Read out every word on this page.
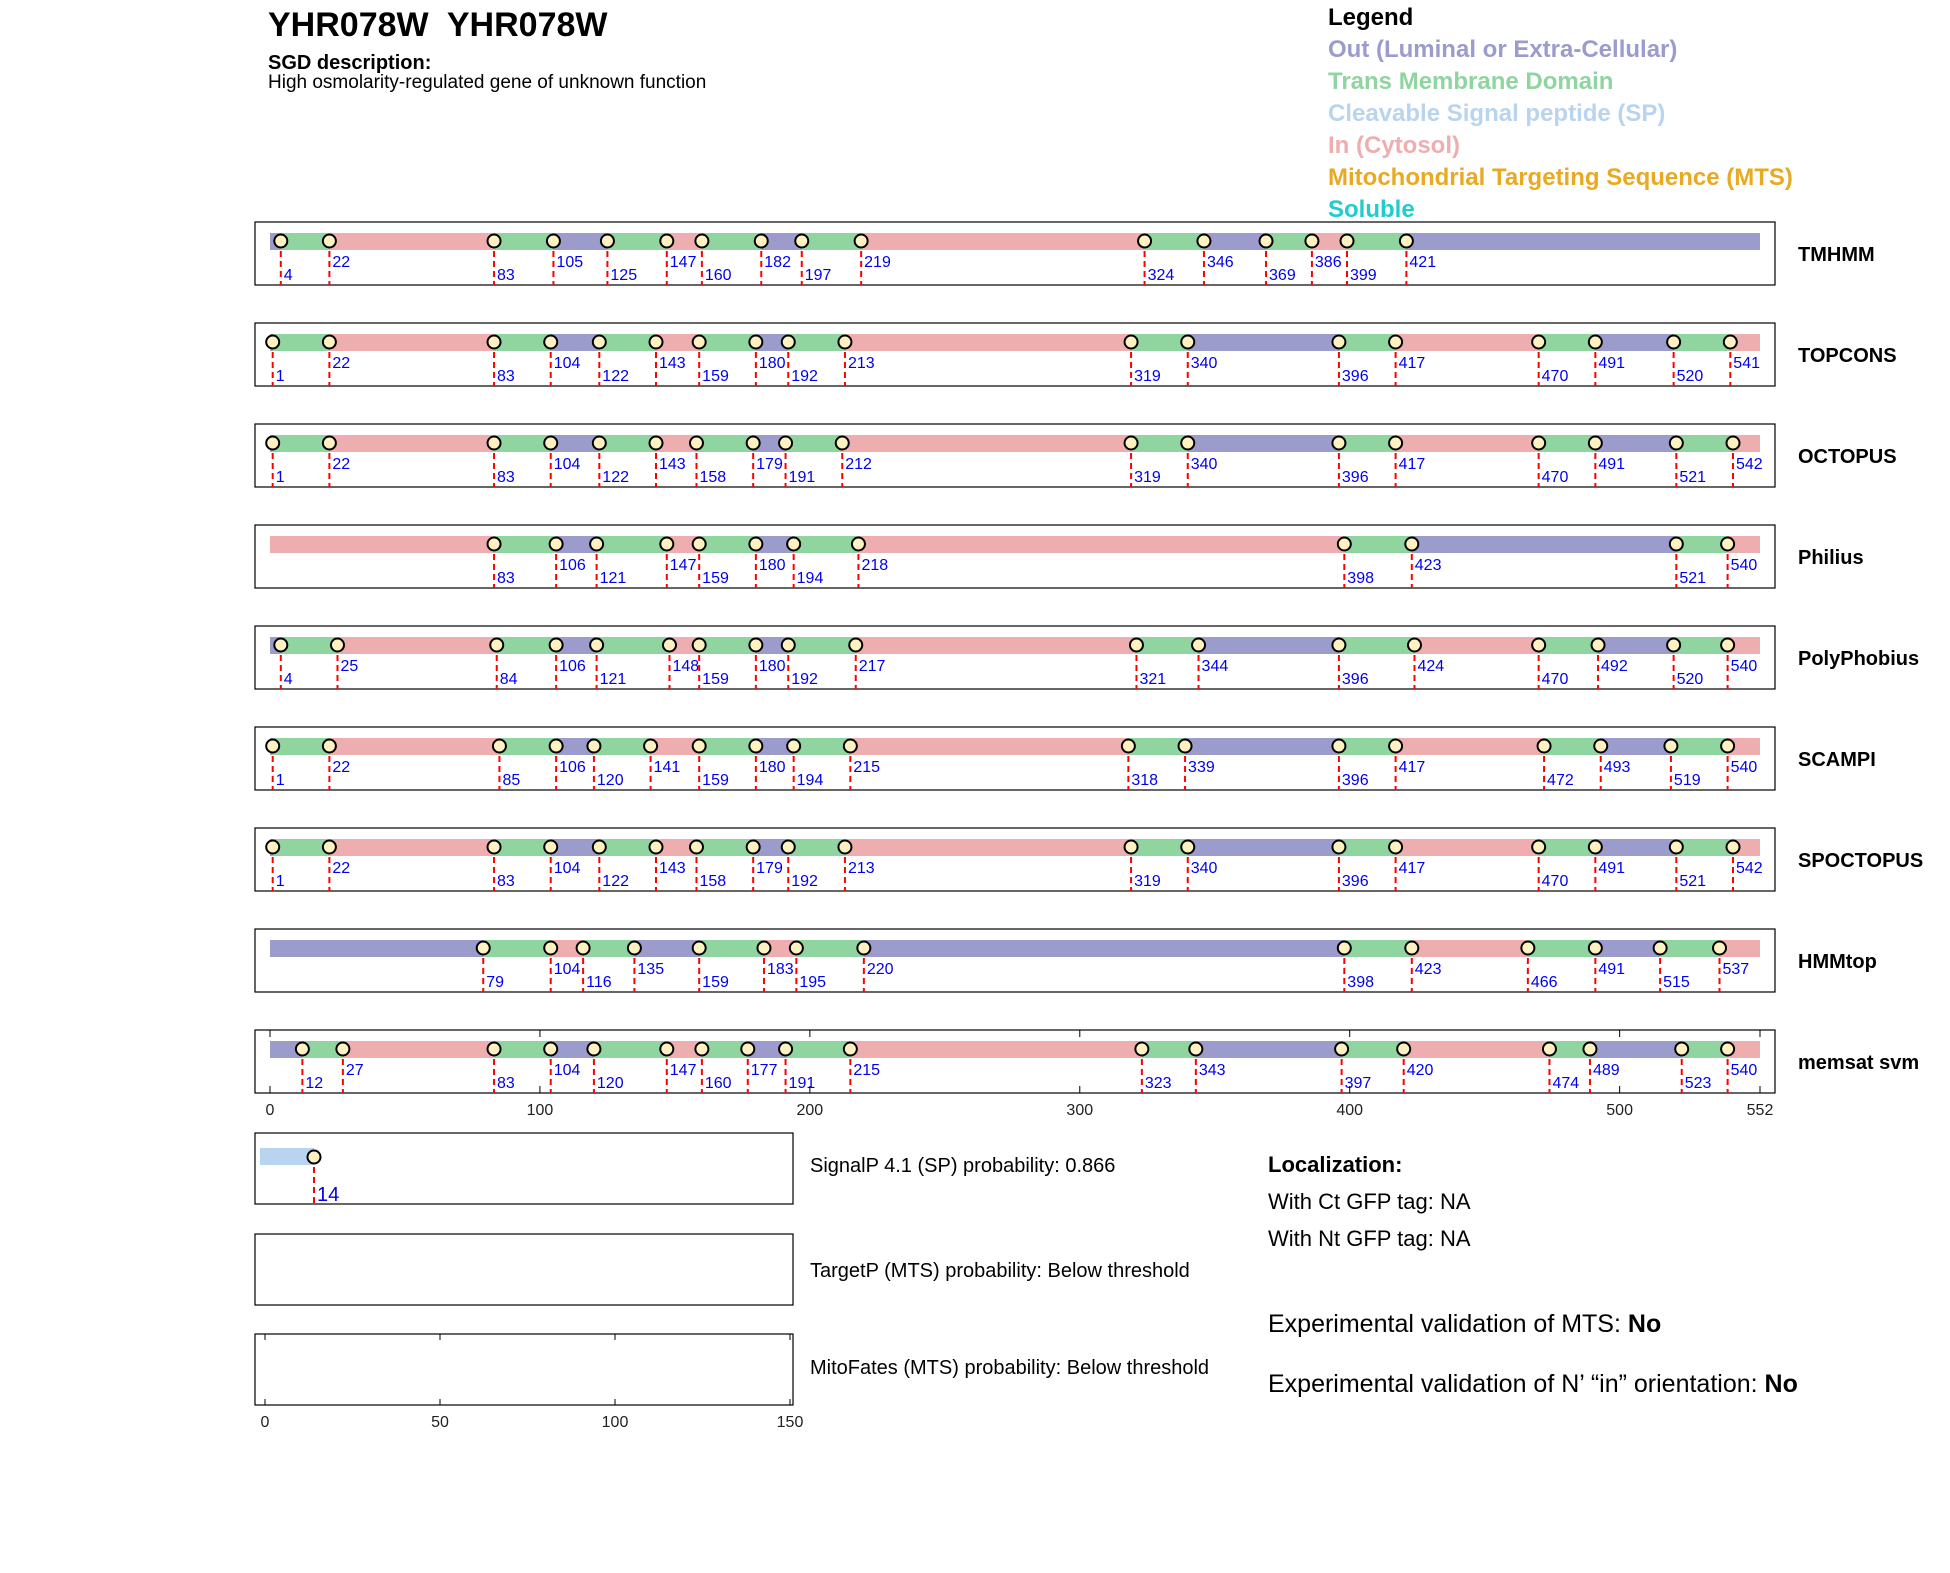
YHR078W  YHR078W
SGD description:
High osmolarity-regulated gene of unknown function
Legend
Out (Luminal or Extra-Cellular)
Trans Membrane Domain
Cleavable Signal peptide (SP)
In (Cytosol)
Mitochondrial Targeting Sequence (MTS)
Soluble
4
22
83
105
125
147
160
182
197
219
324
346
369
386
399
421	TMHMM
1
22
83
104
122
143
159
180
192
213
319
340
396
417
470
491
520
541 TOPCONS
1
22
83
104
122
143
158
179
191
212
319
340
396
417
470
491
521
542 OCTOPUS
83
106
121
147
159
180
194
218
398
423
521
540 Philius
4
25
84
106
121
148
159
180
192
217
321
344
396
424
470
492
520
540 PolyPhobius
1
22
85
106
120
141
159
180
194
215
318
339
396
417
472
493
519
540 SCAMPI
1
22
83
104
122
143
158
179
192
213
319
340
396
417
470
491
521
542 SPOCTOPUS
79
104
116
135
159
183
195
220
398
423
466
491
515
537 HMMtop
12
27
83
104
120
147
160
177
191
215
323
343
397
420
474
489
523
540 memsat svm
0	100	200	300	400	500	552
14
0	50	100	150
SignalP 4.1 (SP) probability: 0.866
TargetP (MTS) probability: Below threshold
MitoFates (MTS) probability: Below threshold
Localization:
With Ct GFP tag: NA
With Nt GFP tag: NA
Experimental validation of MTS: No
Experimental validation of N’ “in” orientation: No
